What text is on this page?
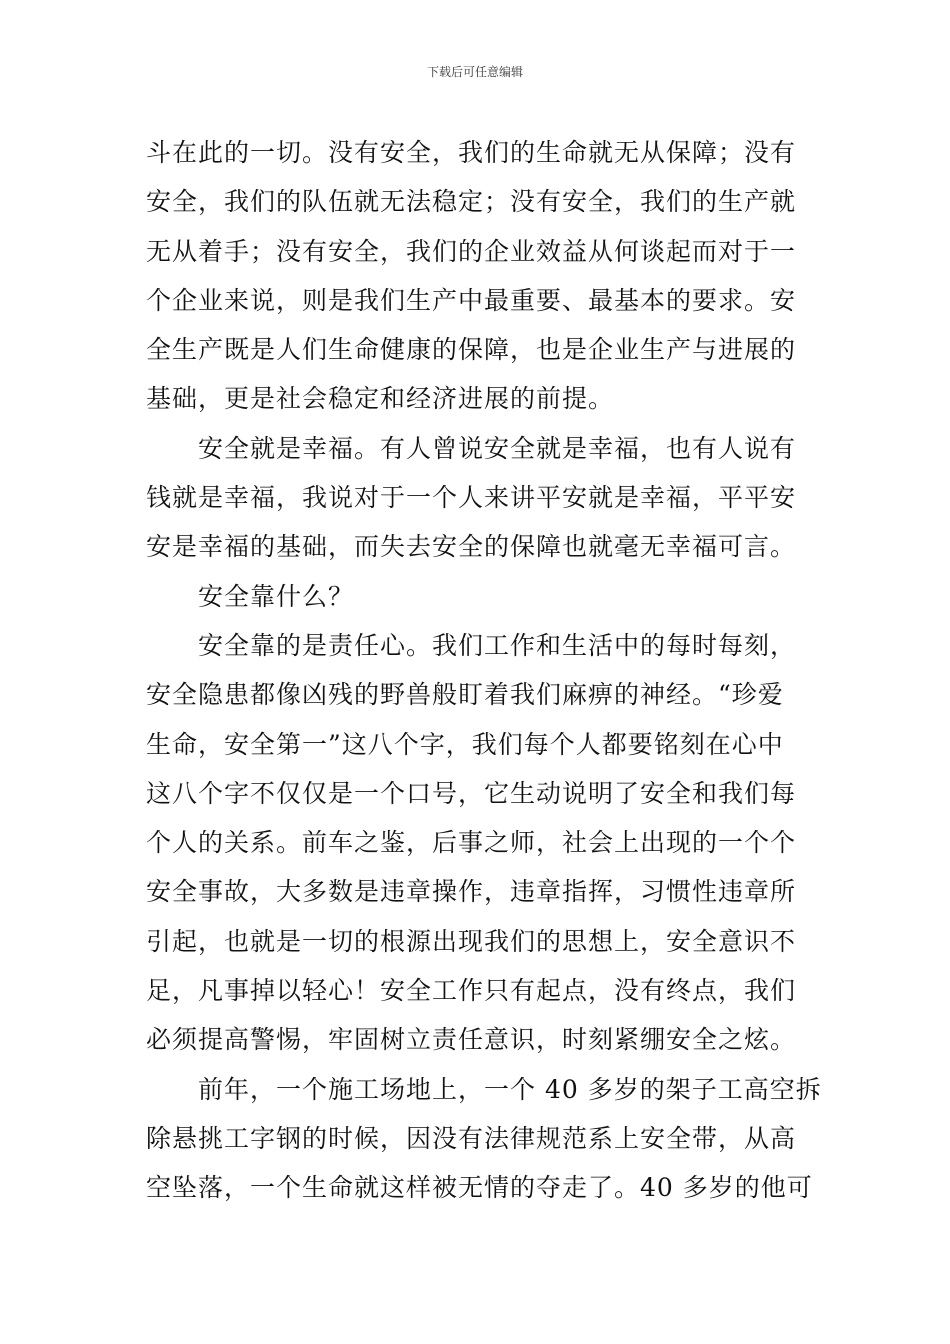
下载后可任意编辑
斗在此的一切。没有安全，我们的生命就无从保障；没有
安全，我们的队伍就无法稳定；没有安全，我们的生产就
无从着手；没有安全，我们的企业效益从何谈起而对于一
个企业来说，则是我们生产中最重要、最基本的要求。安
全生产既是人们生命健康的保障，也是企业生产与进展的
基础，更是社会稳定和经济进展的前提。
安全就是幸福。有人曾说安全就是幸福，也有人说有
钱就是幸福，我说对于一个人来讲平安就是幸福，平平安
安是幸福的基础，而失去安全的保障也就毫无幸福可言。
安全靠什么？
安全靠的是责任心。我们工作和生活中的每时每刻，
安全隐患都像凶残的野兽般盯着我们麻痹的神经。“珍爱
生命，安全第一”这八个字，我们每个人都要铭刻在心中
这八个字不仅仅是一个口号，它生动说明了安全和我们每
个人的关系。前车之鉴，后事之师，社会上出现的一个个
安全事故，大多数是违章操作，违章指挥，习惯性违章所
引起，也就是一切的根源出现我们的思想上，安全意识不
足，凡事掉以轻心！安全工作只有起点，没有终点，我们
必须提高警惕，牢固树立责任意识，时刻紧绷安全之炫。
前年，一个施工场地上，一个 40 多岁的架子工高空拆
除悬挑工字钢的时候，因没有法律规范系上安全带，从高
空坠落，一个生命就这样被无情的夺走了。40 多岁的他可
